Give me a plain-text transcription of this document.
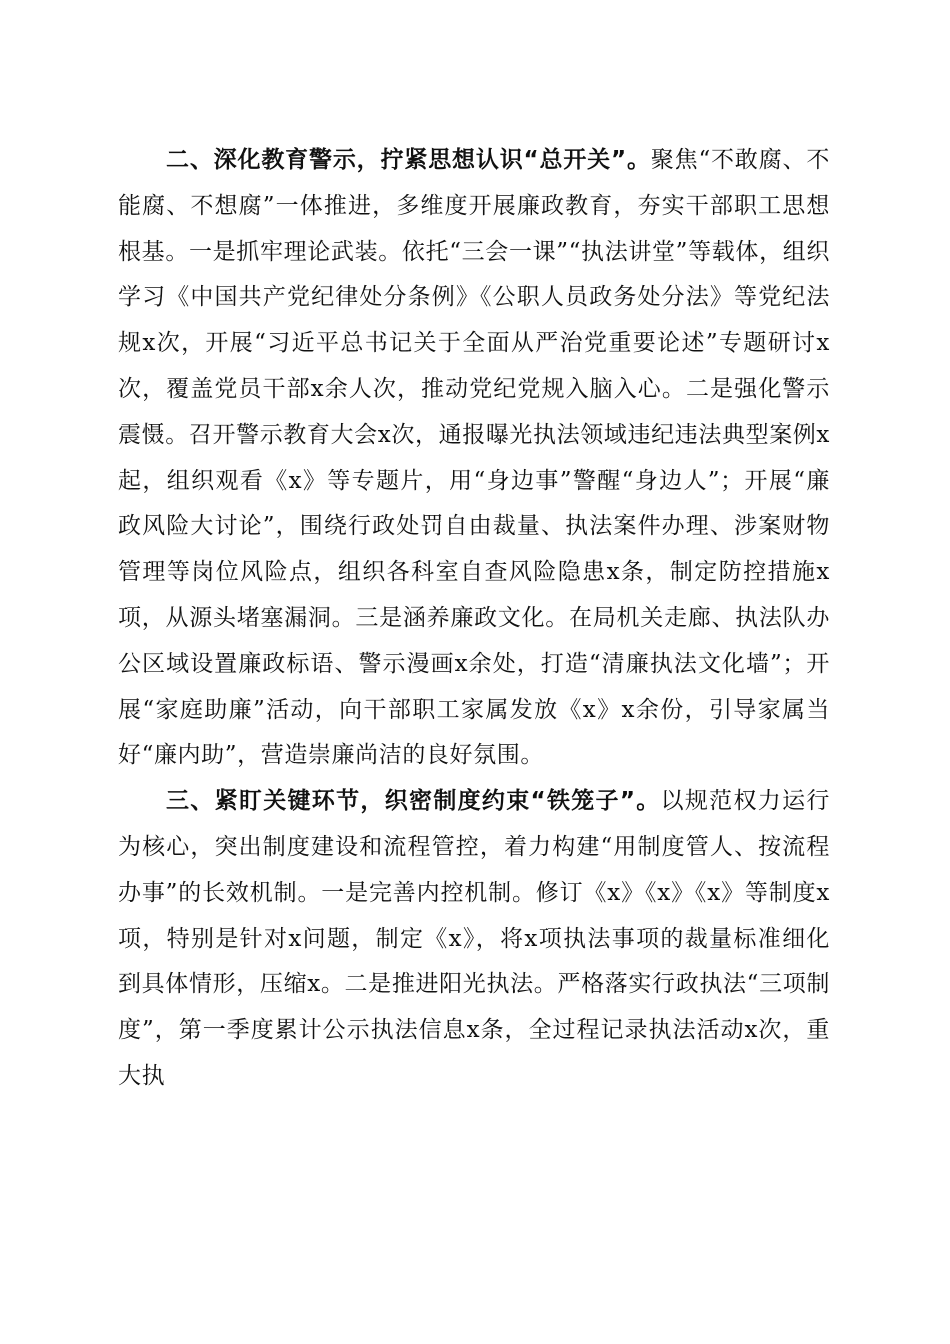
二、深化教育警示，拧紧思想认识“总开关”。聚焦“不敢腐、不能腐、不想腐”一体推进，多维度开展廉政教育，夯实干部职工思想根基。一是抓牢理论武装。依托“三会一课”“执法讲堂”等载体，组织学习《中国共产党纪律处分条例》《公职人员政务处分法》等党纪法规x次，开展“习近平总书记关于全面从严治党重要论述”专题研讨x次，覆盖党员干部x余人次，推动党纪党规入脑入心。二是强化警示震慑。召开警示教育大会x次，通报曝光执法领域违纪违法典型案例x起，组织观看《x》等专题片，用“身边事”警醒“身边人”；开展“廉政风险大讨论”，围绕行政处罚自由裁量、执法案件办理、涉案财物管理等岗位风险点，组织各科室自查风险隐患x条，制定防控措施x项，从源头堵塞漏洞。三是涵养廉政文化。在局机关走廊、执法队办公区域设置廉政标语、警示漫画x余处，打造“清廉执法文化墙”；开展“家庭助廉”活动，向干部职工家属发放《x》x余份，引导家属当好“廉内助”，营造崇廉尚洁的良好氛围。

三、紧盯关键环节，织密制度约束“铁笼子”。以规范权力运行为核心，突出制度建设和流程管控，着力构建“用制度管人、按流程办事”的长效机制。一是完善内控机制。修订《x》《x》《x》等制度x项，特别是针对x问题，制定《x》，将x项执法事项的裁量标准细化到具体情形，压缩x。二是推进阳光执法。严格落实行政执法“三项制度”，第一季度累计公示执法信息x条，全过程记录执法活动x次，重大执
